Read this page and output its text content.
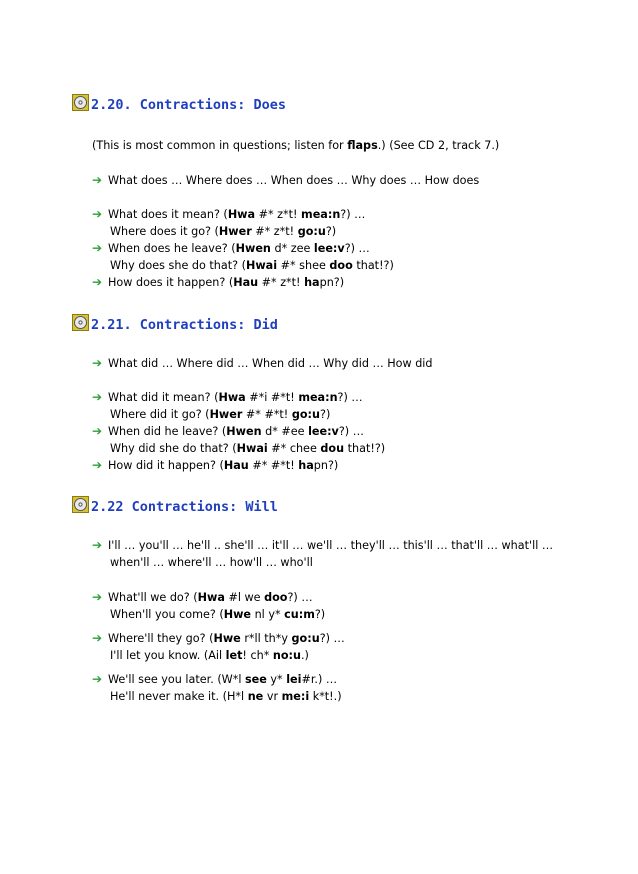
2.20. Contractions: Does
(This is most common in questions; listen for flaps.) (See CD 2, track 7.)
➔ What does … Where does … When does … Why does … How does
➔ What does it mean? (Hwa #* z*t! mea:n?) …
Where does it go? (Hwer #* z*t! go:u?)
➔ When does he leave? (Hwen d* zee lee:v?) …
Why does she do that? (Hwai #* shee doo that!?)
➔ How does it happen? (Hau #* z*t! hapn?)
2.21. Contractions: Did
➔ What did … Where did … When did … Why did … How did
➔ What did it mean? (Hwa #*i #*t! mea:n?) …
Where did it go? (Hwer #* #*t! go:u?)
➔ When did he leave? (Hwen d* #ee lee:v?) …
Why did she do that? (Hwai #* chee dou that!?)
➔ How did it happen? (Hau #* #*t! hapn?)
2.22 Contractions: Will
➔ I'll … you'll … he'll .. she'll … it'll … we'll … they'll … this'll … that'll … what'll …
when'll … where'll … how'll … who'll
➔ What'll we do? (Hwa #l we doo?) …
When'll you come? (Hwe nl y* cu:m?)
➔ Where'll they go? (Hwe r*ll th*y go:u?) …
I'll let you know. (Ail let! ch* no:u.)
➔ We'll see you later. (W*l see y* lei#r.) …
He'll never make it. (H*l ne vr me:i k*t!.)
